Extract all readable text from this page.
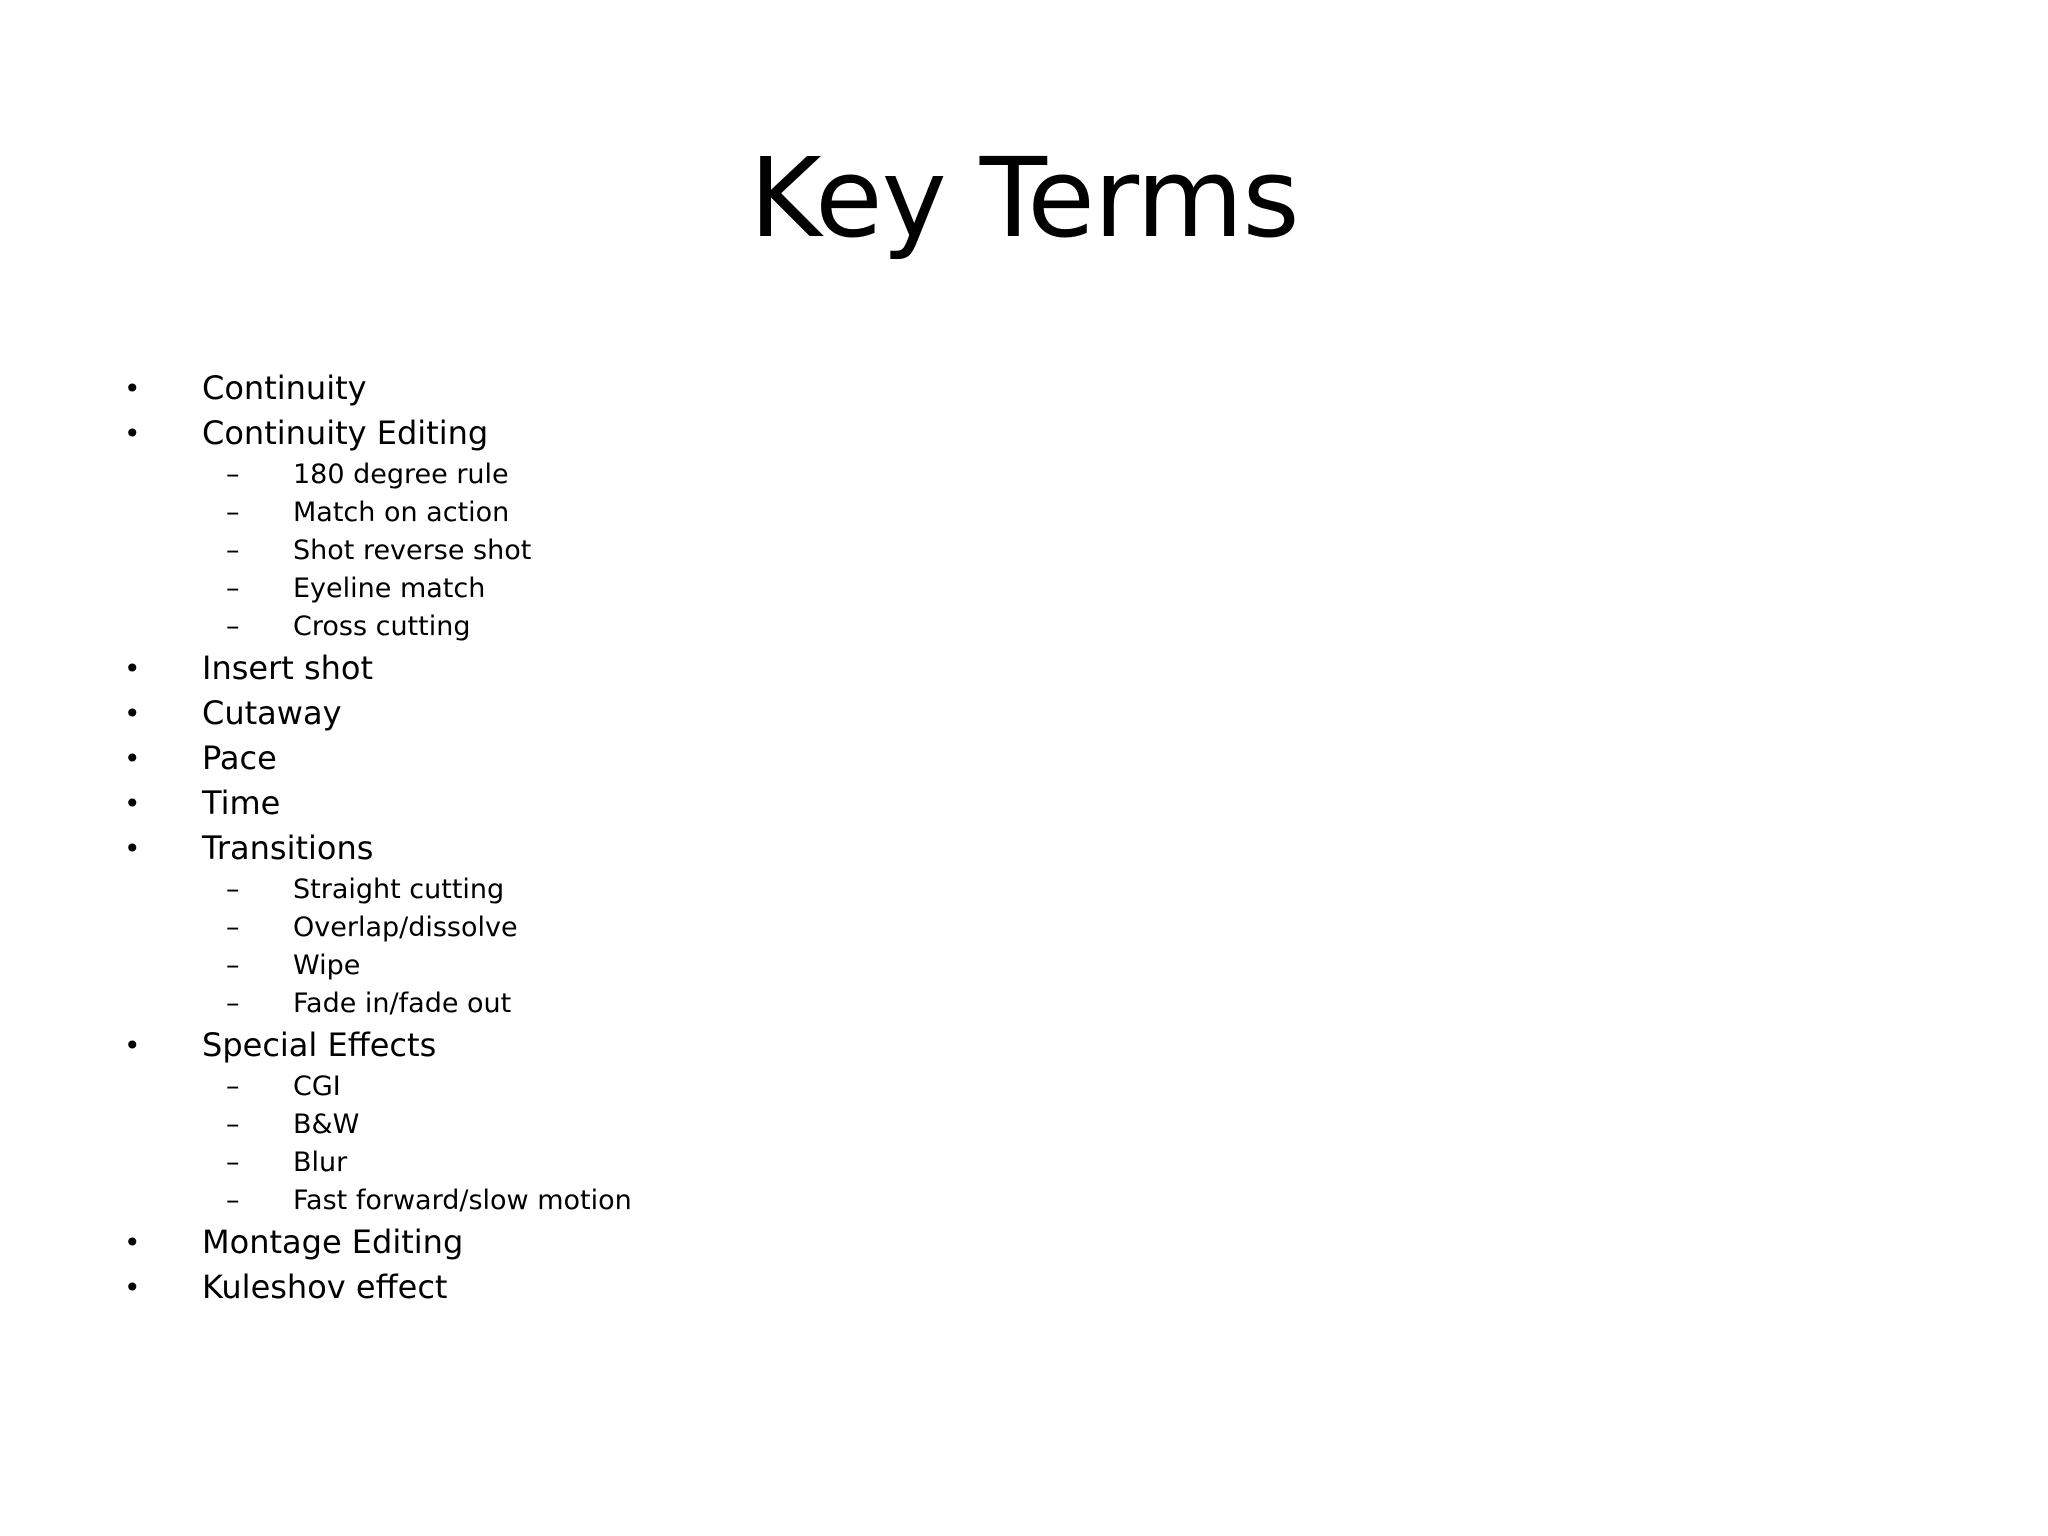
Key Terms
• Continuity
• Continuity Editing
– 180 degree rule
– Match on action
– Shot reverse shot
– Eyeline match
– Cross cutting
• Insert shot
• Cutaway
• Pace
• Time
• Transitions
– Straight cutting
– Overlap/dissolve
– Wipe
– Fade in/fade out
• Special Effects
– CGI
– B&W
– Blur
– Fast forward/slow motion
• Montage Editing
• Kuleshov effect
